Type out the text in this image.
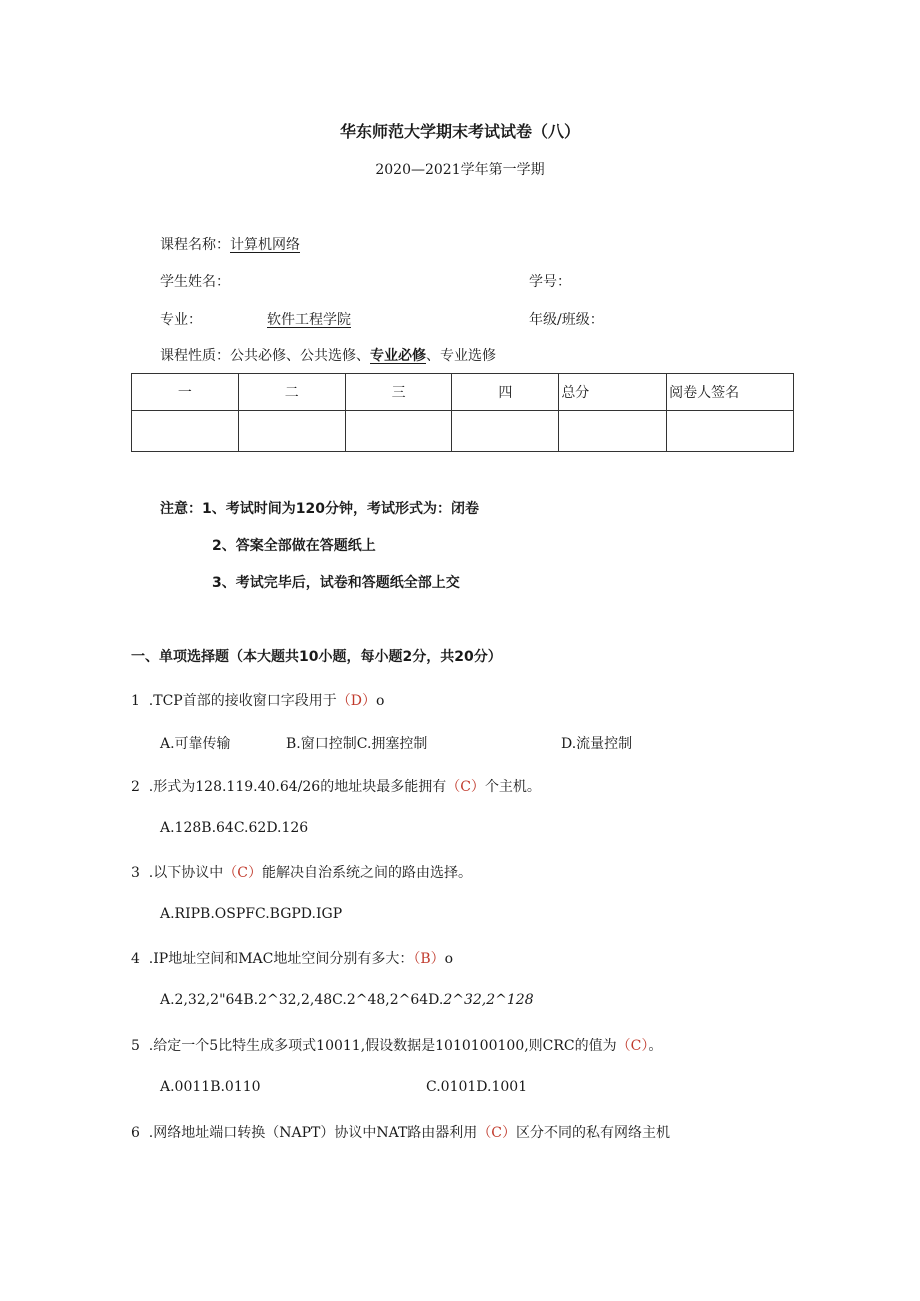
华东师范大学期末考试试卷（八）
2020—2021学年第一学期
课程名称：计算机网络
学生姓名：	学号：
专业：	软件工程学院	年级/班级：
课程性质：公共必修、公共选修、专业必修、专业选修
一	二	三	四	总分	阅卷人签名

注意：1、考试时间为120分钟，考试形式为：闭卷
2、答案全部做在答题纸上
3、考试完毕后，试卷和答题纸全部上交
一、单项选择题（本大题共10小题，每小题2分，共20分）
1  .TCP首部的接收窗口字段用于（D）o
A.可靠传输	B.窗口控制C.拥塞控制	D.流量控制
2  .形式为128.119.40.64/26的地址块最多能拥有（C）个主机。
A.128B.64C.62D.126
3  .以下协议中（C）能解决自治系统之间的路由选择。
A.RIPB.OSPFC.BGPD.IGP
4  .IP地址空间和MAC地址空间分别有多大：（B）o
A.2,32,2"64B.2^32,2,48C.2^48,2^64D.2^32,2^128
5  .给定一个5比特生成多项式10011,假设数据是1010100100,则CRC的值为（C）。
A.0011B.0110	C.0101D.1001
6  .网络地址端口转换（NAPT）协议中NAT路由器利用（C）区分不同的私有网络主机
